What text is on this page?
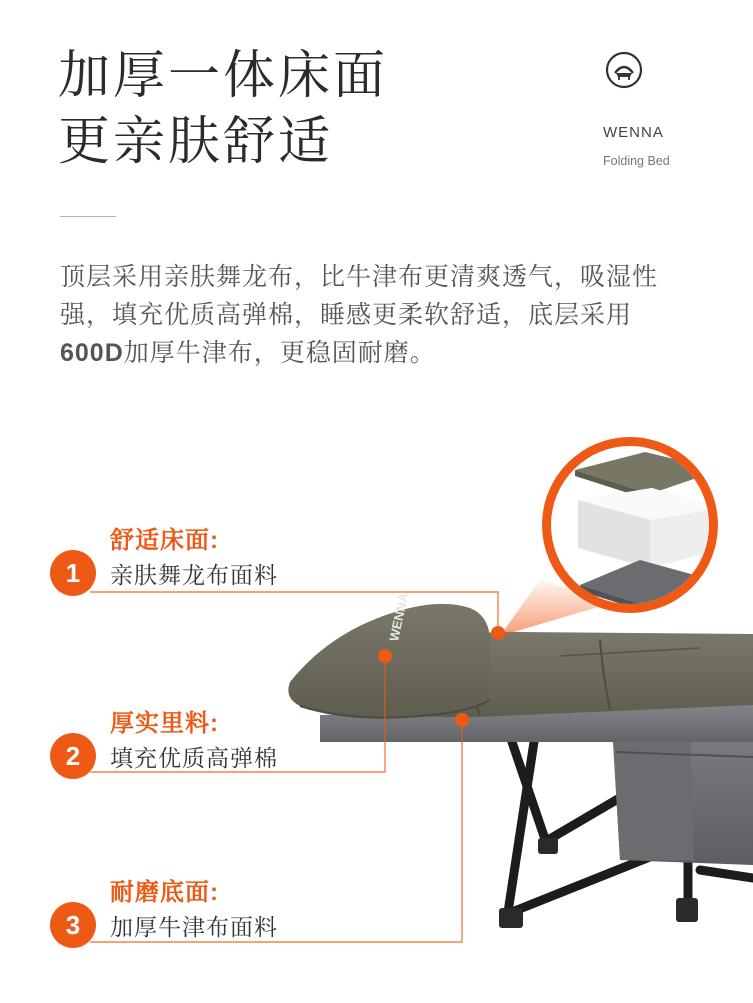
加厚一体床面
更亲肤舒适	WENNA
Folding Bed

顶层采用亲肤舞龙布，比牛津布更清爽透气，吸湿性强，填充优质高弹棉，睡感更柔软舒适，底层采用600D加厚牛津布，更稳固耐磨。

WENNA
1
舒适床面:
亲肤舞龙布面料
2
厚实里料:
填充优质高弹棉
3
耐磨底面:
加厚牛津布面料
